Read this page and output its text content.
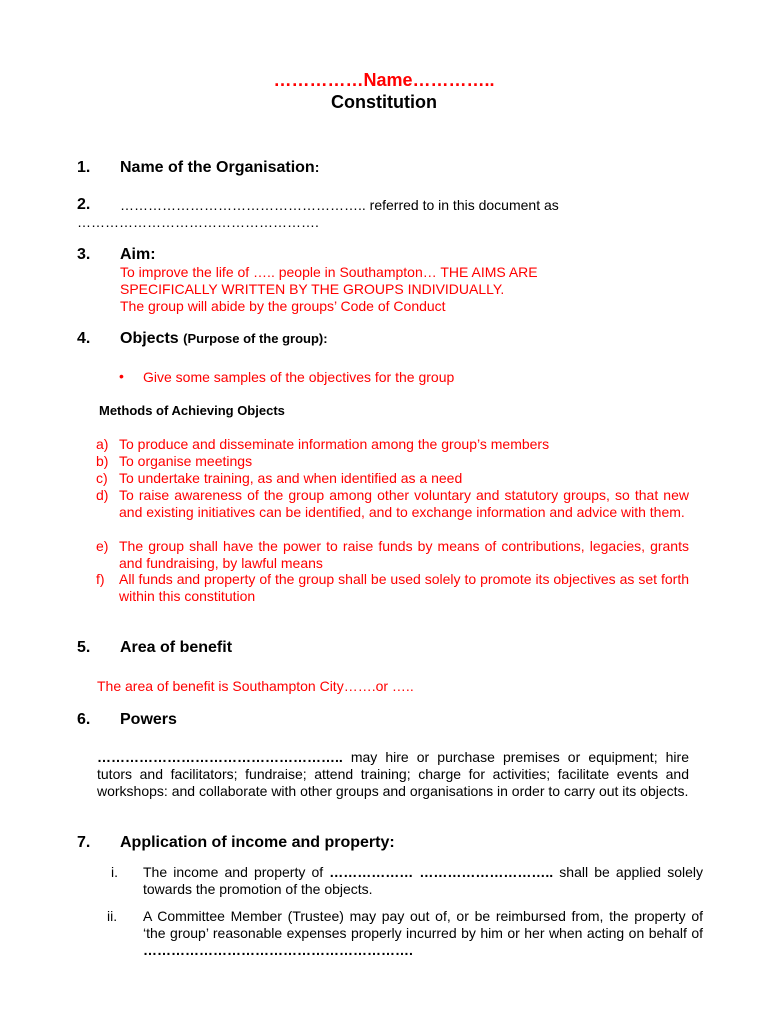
……………Name…………..
Constitution
1. Name of the Organisation:
2. …………………………………………….. referred to in this document as
…………………………………………….
3. Aim:
To improve the life of ….. people in Southampton… THE AIMS ARE
SPECIFICALLY WRITTEN BY THE GROUPS INDIVIDUALLY.
The group will abide by the groups’ Code of Conduct
4. Objects (Purpose of the group):
• Give some samples of the objectives for the group
Methods of Achieving Objects
a) To produce and disseminate information among the group’s members
b) To organise meetings
c) To undertake training, as and when identified as a need
d) To raise awareness of the group among other voluntary and statutory groups, so that new and existing initiatives can be identified, and to exchange information and advice with them.
e) The group shall have the power to raise funds by means of contributions, legacies, grants and fundraising, by lawful means
f) All funds and property of the group shall be used solely to promote its objectives as set forth within this constitution
5. Area of benefit
The area of benefit is Southampton City…….or …..
6. Powers
…………………………………………….. may hire or purchase premises or equipment; hire tutors and facilitators; fundraise; attend training; charge for activities; facilitate events and workshops: and collaborate with other groups and organisations in order to carry out its objects.
7. Application of income and property:
i. The income and property of ……………… ……………………….. shall be applied solely towards the promotion of the objects.
ii. A Committee Member (Trustee) may pay out of, or be reimbursed from, the property of ‘the group’ reasonable expenses properly incurred by him or her when acting on behalf of ………………………………………………….
